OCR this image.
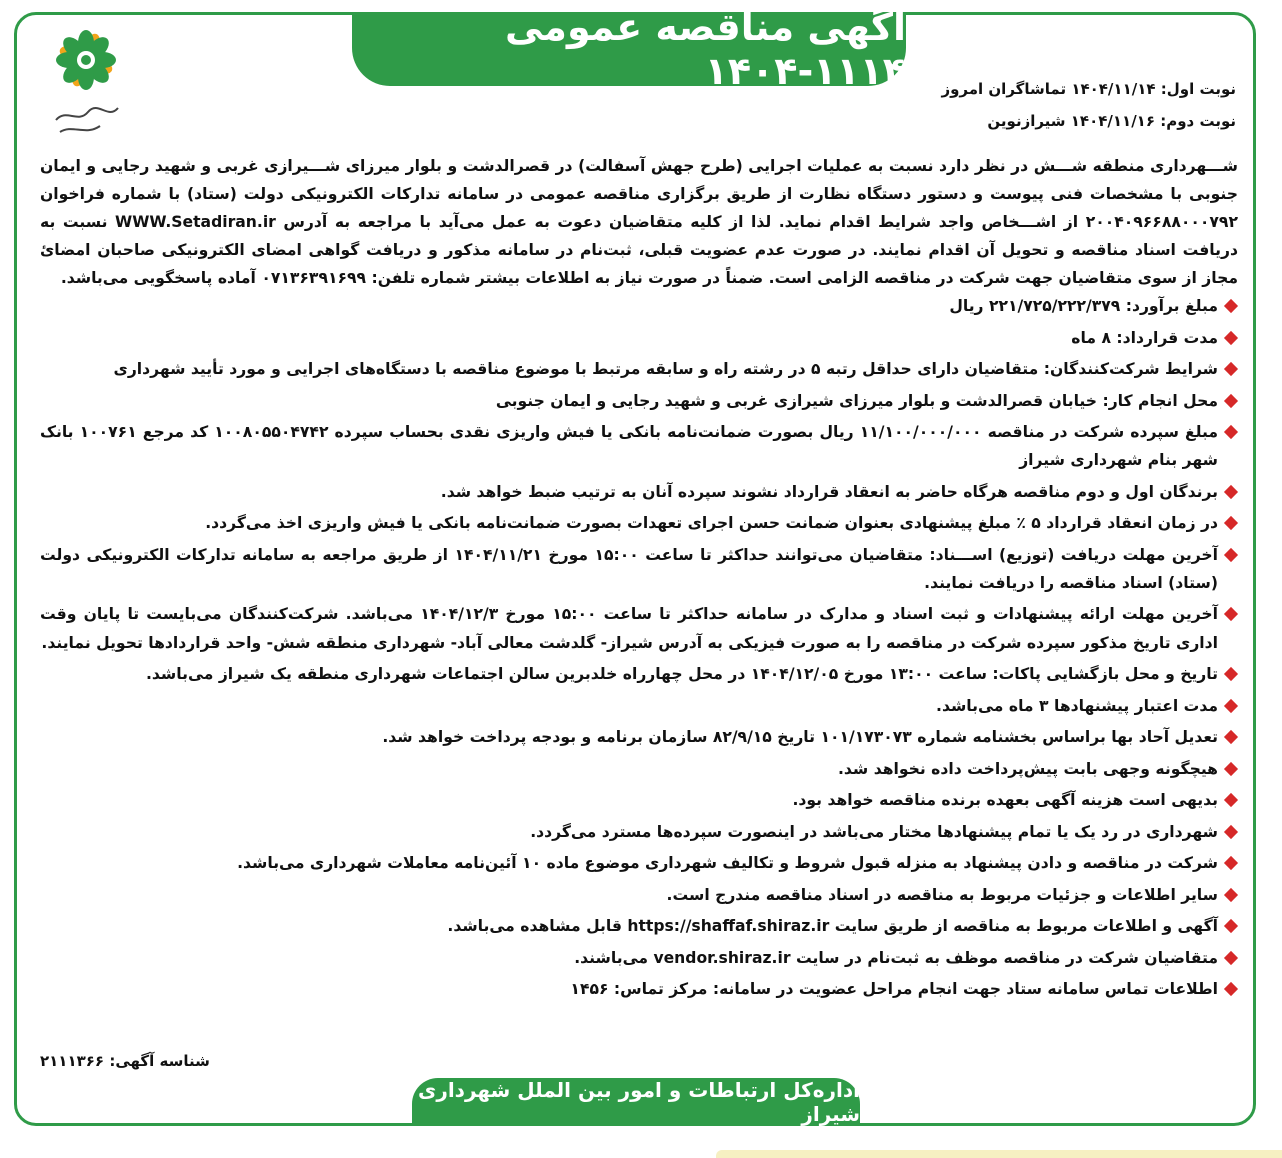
آگهی مناقصه عمومی ۱۱۱۴-۱۴۰۴ نوبت اول: ۱۴۰۴/۱۱/۱۴ تماشاگران امروز
نوبت دوم: ۱۴۰۴/۱۱/۱۶ شیرازنوین

شـــهرداری منطقه شـــش در نظر دارد نسبت به عملیات اجرایی (طرح جهش آسفالت) در قصرالدشت و بلوار میرزای شـــیرازی غربی و شهید رجایی و ایمان جنوبی با مشخصات فنی پیوست و دستور دستگاه نظارت از طریق برگزاری مناقصه عمومی در سامانه تدارکات الکترونیکی دولت (ستاد) با شماره فراخوان ۲۰۰۴۰۹۶۶۸۸۰۰۰۷۹۲ از اشـــخاص واجد شرایط اقدام نماید. لذا از کلیه متقاضیان دعوت به عمل می‌آید با مراجعه به آدرس WWW.Setadiran.ir نسبت به دریافت اسناد مناقصه و تحویل آن اقدام نمایند. در صورت عدم عضویت قبلی، ثبت‌نام در سامانه مذکور و دریافت گواهی امضای الکترونیکی صاحبان امضائ مجاز از سوی متقاضیان جهت شرکت در مناقصه الزامی است. ضمناً در صورت نیاز به اطلاعات بیشتر شماره تلفن: ۰۷۱۳۶۳۹۱۶۹۹ آماده پاسخگویی می‌باشد.

مبلغ برآورد: ۲۲۱/۷۲۵/۲۲۲/۳۷۹ ریال
مدت قرارداد: ۸ ماه
شرایط شرکت‌کنندگان: متقاضیان دارای حداقل رتبه ۵ در رشته راه و سابقه مرتبط با موضوع مناقصه با دستگاه‌های اجرایی و مورد تأیید شهرداری
محل انجام کار: خیابان قصرالدشت و بلوار میرزای شیرازی غربی و شهید رجایی و ایمان جنوبی
مبلغ سپرده شرکت در مناقصه ۱۱/۱۰۰/۰۰۰/۰۰۰ ریال بصورت ضمانت‌نامه بانکی یا فیش واریزی نقدی بحساب سپرده ۱۰۰۸۰۵۵۰۴۷۴۲ کد مرجع ۱۰۰۷۶۱ بانک شهر بنام شهرداری شیراز
برندگان اول و دوم مناقصه هرگاه حاضر به انعقاد قرارداد نشوند سپرده آنان به ترتیب ضبط خواهد شد.
در زمان انعقاد قرارداد ۵ ٪ مبلغ پیشنهادی بعنوان ضمانت حسن اجرای تعهدات بصورت ضمانت‌نامه بانکی یا فیش واریزی اخذ می‌گردد.
آخرین مهلت دریافت (توزیع) اســـناد: متقاضیان می‌توانند حداکثر تا ساعت ۱۵:۰۰ مورخ ۱۴۰۴/۱۱/۲۱ از طریق مراجعه به سامانه تدارکات الکترونیکی دولت (ستاد) اسناد مناقصه را دریافت نمایند.
آخرین مهلت ارائه پیشنهادات و ثبت اسناد و مدارک در سامانه حداکثر تا ساعت ۱۵:۰۰ مورخ ۱۴۰۴/۱۲/۳ می‌باشد. شرکت‌کنندگان می‌بایست تا پایان وقت اداری تاریخ مذکور سپرده شرکت در مناقصه را به صورت فیزیکی به آدرس شیراز- گلدشت معالی آباد- شهرداری منطقه شش- واحد قراردادها تحویل نمایند.
تاریخ و محل بازگشایی پاکات: ساعت ۱۳:۰۰ مورخ ۱۴۰۴/۱۲/۰۵ در محل چهارراه خلدبرین سالن اجتماعات شهرداری منطقه یک شیراز می‌باشد.
مدت اعتبار پیشنهادها ۳ ماه می‌باشد.
تعدیل آحاد بها براساس بخشنامه شماره ۱۰۱/۱۷۳۰۷۳ تاریخ ۸۲/۹/۱۵ سازمان برنامه و بودجه پرداخت خواهد شد.
هیچگونه وجهی بابت پیش‌پرداخت داده نخواهد شد.
بدیهی است هزینه آگهی بعهده برنده مناقصه خواهد بود.
شهرداری در رد یک یا تمام پیشنهادها مختار می‌باشد در اینصورت سپرده‌ها مسترد می‌گردد.
شرکت در مناقصه و دادن پیشنهاد به منزله قبول شروط و تکالیف شهرداری موضوع ماده ۱۰ آئین‌نامه معاملات شهرداری می‌باشد.
سایر اطلاعات و جزئیات مربوط به مناقصه در اسناد مناقصه مندرج است.
آگهی و اطلاعات مربوط به مناقصه از طریق سایت https://shaffaf.shiraz.ir قابل مشاهده می‌باشد.
متقاضیان شرکت در مناقصه موظف به ثبت‌نام در سایت vendor.shiraz.ir می‌باشند.
اطلاعات تماس سامانه ستاد جهت انجام مراحل عضویت در سامانه: مرکز تماس: ۱۴۵۶
شناسه آگهی: ۲۱۱۱۳۶۶
اداره‌کل ارتباطات و امور بین الملل شهرداری شیراز
